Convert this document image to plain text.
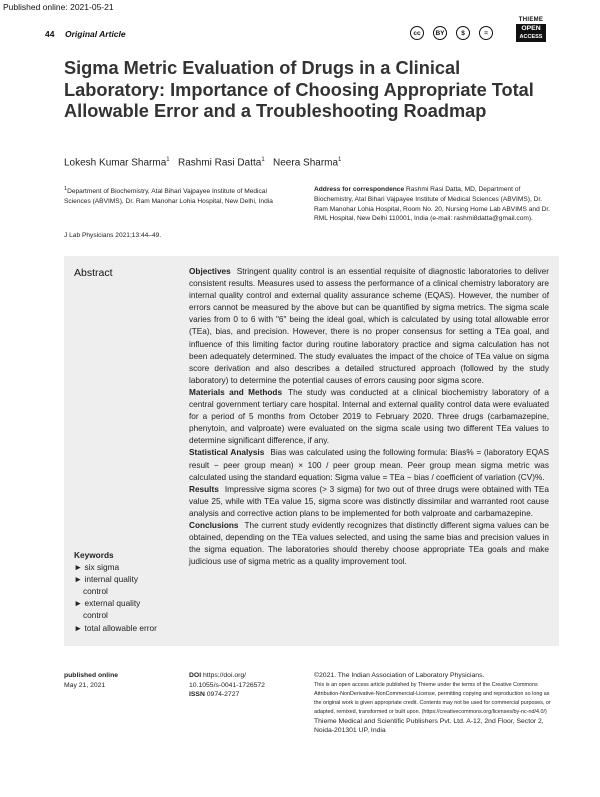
Published online: 2021-05-21
44 Original Article	cc BY	$	=
THIEME
OPEN
ACCESS
Sigma Metric Evaluation of Drugs in a Clinical Laboratory: Importance of Choosing Appropriate Total Allowable Error and a Troubleshooting Roadmap
Lokesh Kumar Sharma$^1$ Rashmi Rasi Datta$^1$ Neera Sharma$^1$
$^1$Department of Biochemistry, Atal Bihari Vajpayee Institute of Medical Sciences (ABVIMS), Dr. Ram Manohar Lohia Hospital, New Delhi, India
Address for correspondence Rashmi Rasi Datta, MD, Department of Biochemistry, Atal Bihari Vajpayee Institute of Medical Sciences (ABVIMS), Dr. Ram Manohar Lohia Hospital, Room No. 20, Nursing Home Lab ABVIMS and Dr. RML Hospital, New Delhi 110001, India (e-mail: rashmi8datta@gmail.com).
J Lab Physicians 2021;13:44–49.
Abstract
Keywords
► six sigma
► internal quality
control
► external quality
control
► total allowable error

Objectives Stringent quality control is an essential requisite of diagnostic laboratories to deliver consistent results. Measures used to assess the performance of a clinical chemistry laboratory are internal quality control and external quality assurance scheme (EQAS). However, the number of errors cannot be measured by the above but can be quantified by sigma metrics. The sigma scale varies from 0 to 6 with "6" being the ideal goal, which is calculated by using total allowable error (TEa), bias, and precision. However, there is no proper consensus for setting a TEa goal, and influence of this limiting factor during routine laboratory practice and sigma calculation has not been adequately determined. The study evaluates the impact of the choice of TEa value on sigma score derivation and also describes a detailed structured approach (followed by the study laboratory) to determine the potential causes of errors causing poor sigma score.

Materials and Methods The study was conducted at a clinical biochemistry laboratory of a central government tertiary care hospital. Internal and external quality control data were evaluated for a period of 5 months from October 2019 to February 2020. Three drugs (carbamazepine, phenytoin, and valproate) were evaluated on the sigma scale using two different TEa values to determine significant difference, if any.

Statistical Analysis Bias was calculated using the following formula: Bias% = (laboratory EQAS result − peer group mean) × 100 / peer group mean. Peer group mean sigma metric was calculated using the standard equation: Sigma value = TEa − bias / coefficient of variation (CV)%.

Results Impressive sigma scores (> 3 sigma) for two out of three drugs were obtained with TEa value 25, while with TEa value 15, sigma score was distinctly dissimilar and warranted root cause analysis and corrective action plans to be implemented for both valproate and carbamazepine.

Conclusions The current study evidently recognizes that distinctly different sigma values can be obtained, depending on the TEa values selected, and using the same bias and precision values in the sigma equation. The laboratories should thereby choose appropriate TEa goals and make judicious use of sigma metric as a quality improvement tool.

published online
May 21, 2021
DOI https://doi.org/
10.1055/s-0041-1726572
ISSN 0974-2727
©2021. The Indian Association of Laboratory Physicians.
This is an open access article published by Thieme under the terms of the Creative Commons Attribution-NonDerivative-NonCommercial-License, permitting copying and reproduction so long as the original work is given appropriate credit. Contents may not be used for commercial purposes, or adapted, remixed, transformed or built upon. (https://creativecommons.org/licenses/by-nc-nd/4.0/)
Thieme Medical and Scientific Publishers Pvt. Ltd. A-12, 2nd Floor, Sector 2, Noida-201301 UP, India
